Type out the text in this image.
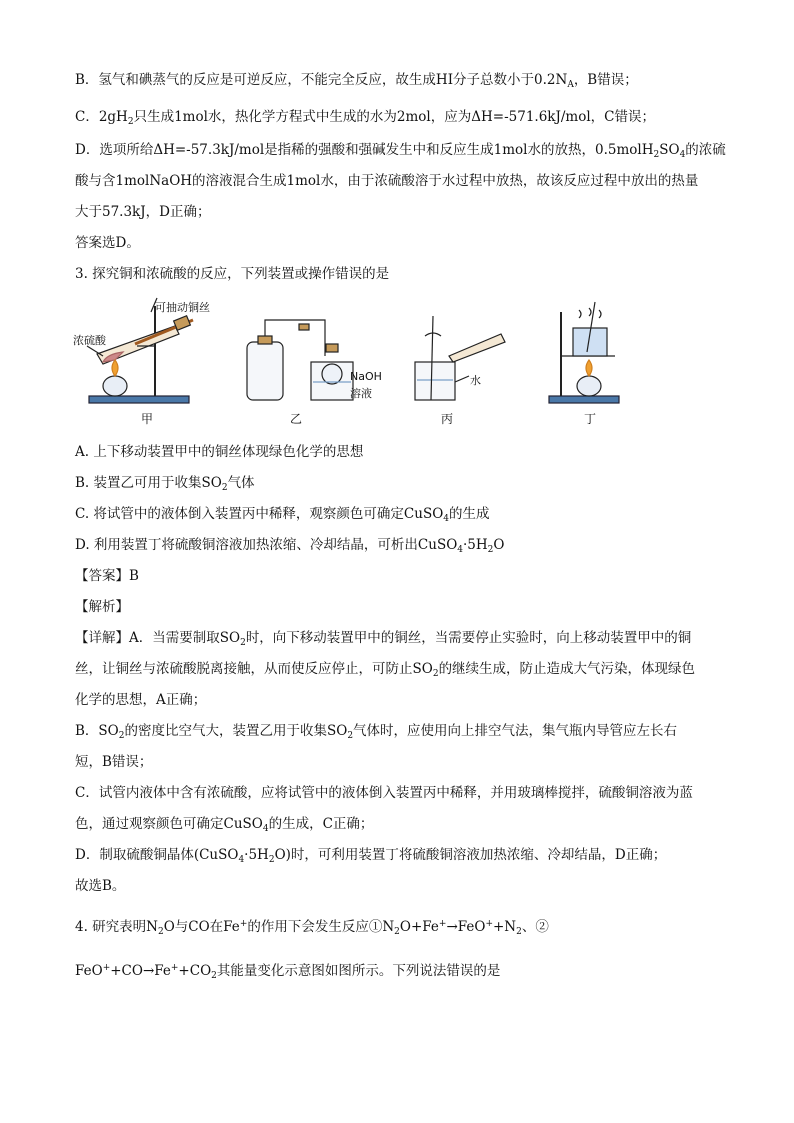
B．氢气和碘蒸气的反应是可逆反应，不能完全反应，故生成HI分子总数小于$0.2N_A$，B错误；
C．$2gH_2$只生成1mol水，热化学方程式中生成的水为2mol，应为ΔH=-571.6kJ/mol，C错误；
D．选项所给ΔH=-57.3kJ/mol是指稀的强酸和强碱发生中和反应生成1mol水的放热，$0.5molH_2SO_4$的浓硫
酸与含1molNaOH的溶液混合生成1mol水，由于浓硫酸溶于水过程中放热，故该反应过程中放出的热量
大于57.3kJ，D正确；
答案选D。
3. 探究铜和浓硫酸的反应，下列装置或操作错误的是
可抽动铜丝
浓硫酸
NaOH
溶液
水
甲	乙	丙	丁
A. 上下移动装置甲中的铜丝体现绿色化学的思想
B. 装置乙可用于收集$SO_2$气体
C. 将试管中的液体倒入装置丙中稀释，观察颜色可确定CuSO$_4$的生成
D. 利用装置丁将硫酸铜溶液加热浓缩、冷却结晶，可析出$CuSO_4\cdot 5H_2O$
【答案】B
【解析】
【详解】A．当需要制取$SO_2$时，向下移动装置甲中的铜丝，当需要停止实验时，向上移动装置甲中的铜
丝，让铜丝与浓硫酸脱离接触，从而使反应停止，可防止$SO_2$的继续生成，防止造成大气污染，体现绿色
化学的思想，A正确；
B．$SO_2$的密度比空气大，装置乙用于收集$SO_2$气体时，应使用向上排空气法，集气瓶内导管应左长右
短，B错误；
C．试管内液体中含有浓硫酸，应将试管中的液体倒入装置丙中稀释，并用玻璃棒搅拌，硫酸铜溶液为蓝
色，通过观察颜色可确定CuSO$_4$的生成，C正确；
D．制取硫酸铜晶体$(CuSO_4\cdot 5H_2O)$时，可利用装置丁将硫酸铜溶液加热浓缩、冷却结晶，D正确；
故选B。
4. 研究表明$N_2O$与CO在Fe+的作用下会发生反应$①N_2O+Fe^+\to FeO^++N_2$、②
$FeO^++CO\to Fe^++CO_2$其能量变化示意图如图所示。下列说法错误的是
